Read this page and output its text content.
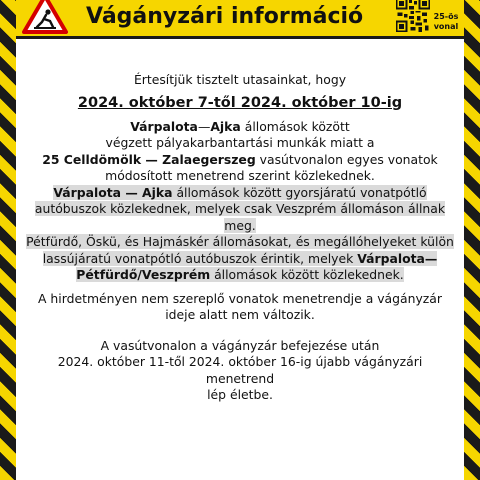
Vágányzári információ	25-ös
vonal

Értesítjük tisztelt utasainkat, hogy

2024. október 7-től 2024. október 10-ig

Várpalota—Ajka állomások között
végzett pályakarbantartási munkák miatt a
25 Celldömölk — Zalaegerszeg vasútvonalon egyes vonatok módosított menetrend szerint közlekednek.

Várpalota — Ajka állomások között gyorsjáratú vonatpótló autóbuszok közlekednek, melyek csak Veszprém állomáson állnak meg.

Pétfürdő, Öskü, és Hajmáskér állomásokat, és megállóhelyeket külön lassújáratú vonatpótló autóbuszok érintik, melyek Várpalota—Pétfürdő/Veszprém állomások között közlekednek.

A hirdetményen nem szereplő vonatok menetrendje a vágányzár ideje alatt nem változik.

A vasútvonalon a vágányzár befejezése után
2024. október 11-től 2024. október 16-ig újabb vágányzári menetrend
lép életbe.
